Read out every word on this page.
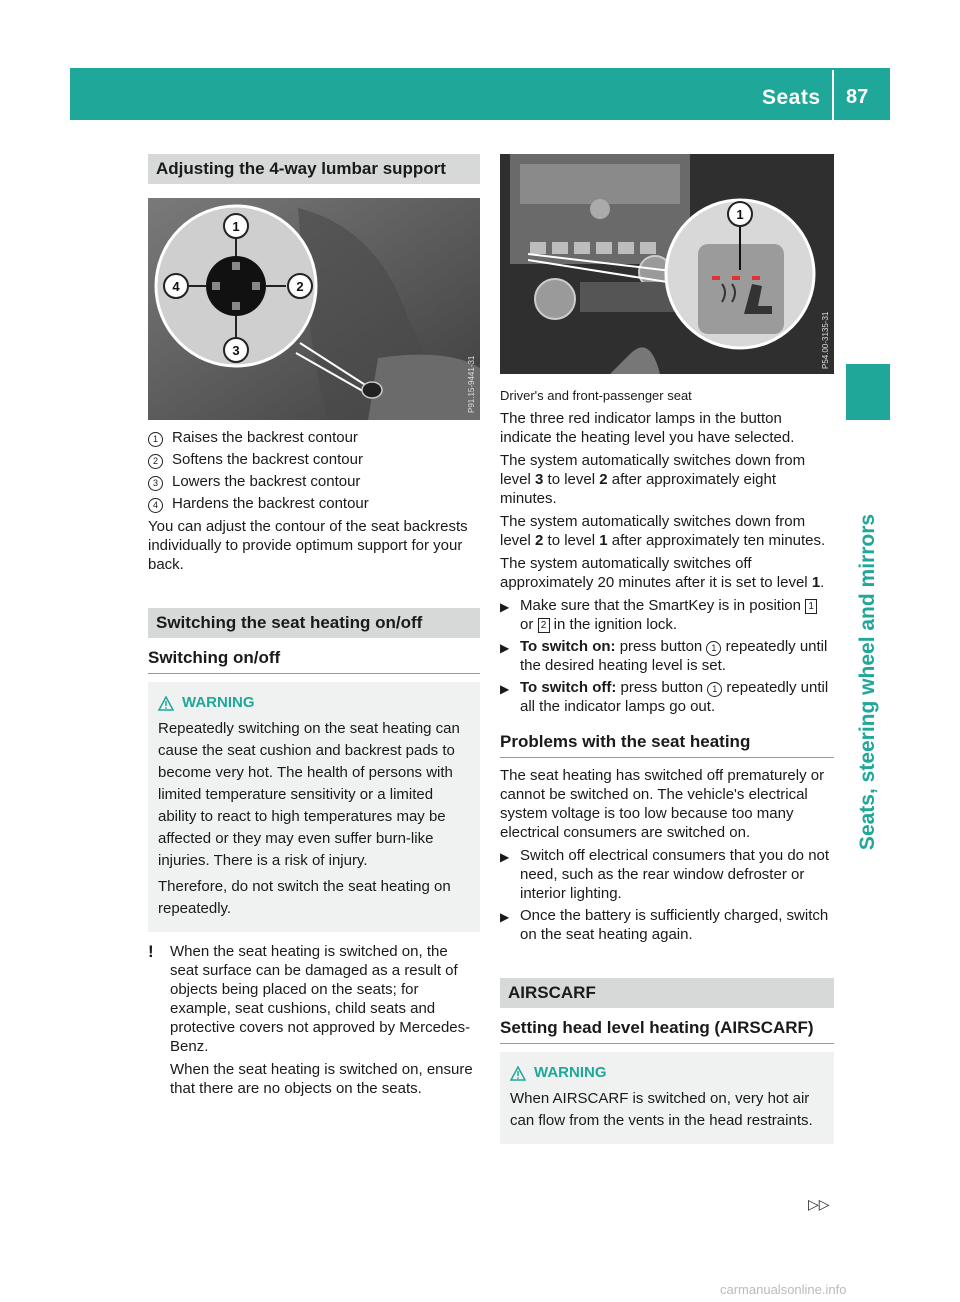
Seats 87
Seats, steering wheel and mirrors
Adjusting the 4-way lumbar support
1
2
3
4
P91.15-9441-31
1 Raises the backrest contour
2 Softens the backrest contour
3 Lowers the backrest contour
4 Hardens the backrest contour

You can adjust the contour of the seat backrests individually to provide optimum support for your back.

Switching the seat heating on/off
Switching on/off
WARNING

Repeatedly switching on the seat heating can cause the seat cushion and backrest pads to become very hot. The health of persons with limited temperature sensitivity or a limited ability to react to high temperatures may be affected or they may even suffer burn-like injuries. There is a risk of injury.

Therefore, do not switch the seat heating on repeatedly.

!	When the seat heating is switched on, the seat surface can be damaged as a result of objects being placed on the seats; for example, seat cushions, child seats and protective covers not approved by Mercedes-Benz.

When the seat heating is switched on, ensure that there are no objects on the seats.

1
P54.00-3135-31

Driver's and front-passenger seat

The three red indicator lamps in the button indicate the heating level you have selected.

The system automatically switches down from level 3 to level 2 after approximately eight minutes.

The system automatically switches down from level 2 to level 1 after approximately ten minutes.

The system automatically switches off approximately 20 minutes after it is set to level 1.

▶ Make sure that the SmartKey is in position 1 or 2 in the ignition lock.
▶ To switch on: press button 1 repeatedly until the desired heating level is set.
▶ To switch off: press button 1 repeatedly until all the indicator lamps go out.
Problems with the seat heating

The seat heating has switched off prematurely or cannot be switched on. The vehicle's electrical system voltage is too low because too many electrical consumers are switched on.

▶ Switch off electrical consumers that you do not need, such as the rear window defroster or interior lighting.
▶ Once the battery is sufficiently charged, switch on the seat heating again.
AIRSCARF
Setting head level heating (AIRSCARF)
WARNING

When AIRSCARF is switched on, very hot air can flow from the vents in the head restraints.

▷▷
carmanualsonline.info
